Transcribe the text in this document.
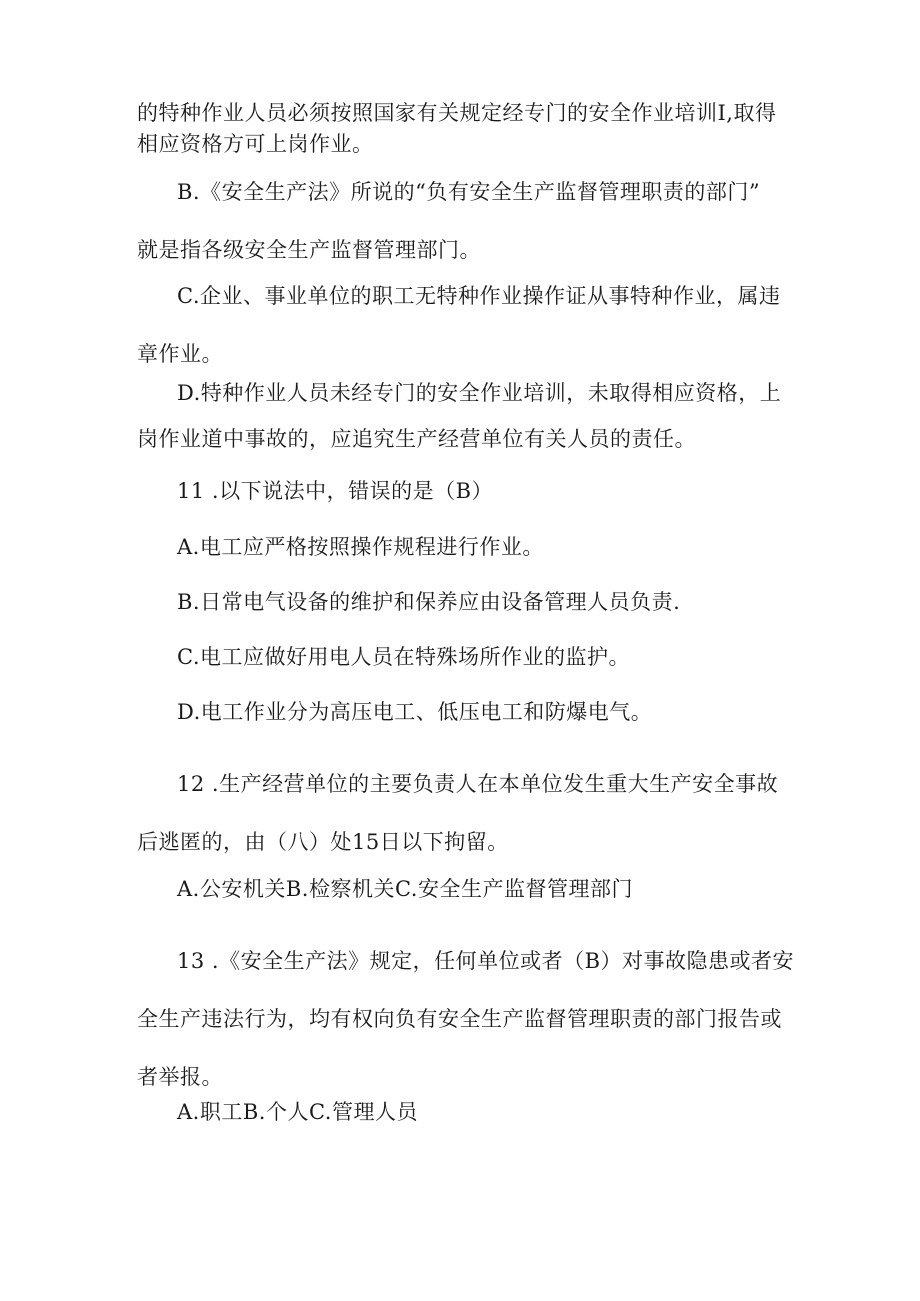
的特种作业人员必须按照国家有关规定经专门的安全作业培训I,取得
相应资格方可上岗作业。

B.《安全生产法》所说的“负有安全生产监督管理职责的部门”
就是指各级安全生产监督管理部门。

C.企业、事业单位的职工无特种作业操作证从事特种作业，属违
章作业。

D.特种作业人员未经专门的安全作业培训，未取得相应资格，上
岗作业道中事故的，应追究生产经营单位有关人员的责任。

11 .以下说法中，错误的是（B）

A.电工应严格按照操作规程进行作业。

B.日常电气设备的维护和保养应由设备管理人员负责.

C.电工应做好用电人员在特殊场所作业的监护。

D.电工作业分为高压电工、低压电工和防爆电气。

12 .生产经营单位的主要负责人在本单位发生重大生产安全事故
后逃匿的，由（八）处15日以下拘留。

A.公安机关B.检察机关C.安全生产监督管理部门

13 .《安全生产法》规定，任何单位或者（B）对事故隐患或者安
全生产违法行为，均有权向负有安全生产监督管理职责的部门报告或
者举报。

A.职工B.个人C.管理人员
